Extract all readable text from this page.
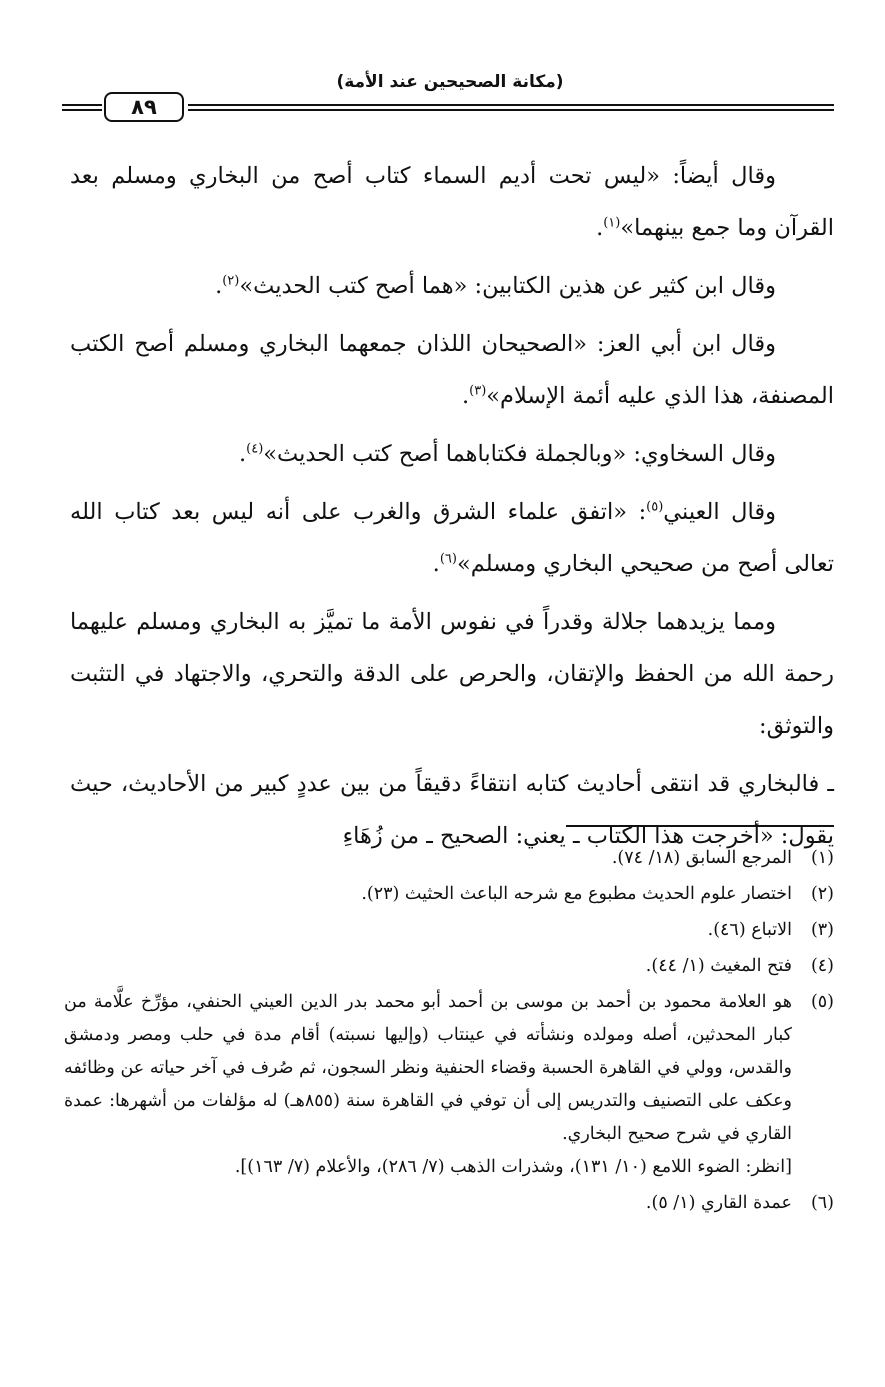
(مكانة الصحيحين عند الأمة)
٨٩

وقال أيضاً: «ليس تحت أديم السماء كتاب أصح من البخاري ومسلم بعد القرآن وما جمع بينهما»$^{(١)}$.

وقال ابن كثير عن هذين الكتابين: «هما أصح كتب الحديث»$^{(٢)}$.

وقال ابن أبي العز: «الصحيحان اللذان جمعهما البخاري ومسلم أصح الكتب المصنفة، هذا الذي عليه أئمة الإسلام»$^{(٣)}$.

وقال السخاوي: «وبالجملة فكتاباهما أصح كتب الحديث»$^{(٤)}$.

وقال العيني$^{(٥)}$: «اتفق علماء الشرق والغرب على أنه ليس بعد كتاب الله تعالى أصح من صحيحي البخاري ومسلم»$^{(٦)}$.

ومما يزيدهما جلالة وقدراً في نفوس الأمة ما تميَّز به البخاري ومسلم عليهما رحمة الله من الحفظ والإتقان، والحرص على الدقة والتحري، والاجتهاد في التثبت والتوثق:

ـ فالبخاري قد انتقى أحاديث كتابه انتقاءً دقيقاً من بين عددٍ كبير من الأحاديث، حيث يقول: «أخرجت هذا الكتاب ـ يعني: الصحيح ـ من زُهَاءِ

(١)
المرجع السابق (١٨/ ٧٤).
(٢)
اختصار علوم الحديث مطبوع مع شرحه الباعث الحثيث (٢٣).
(٣)
الاتباع (٤٦).
(٤)
فتح المغيث (١/ ٤٤).
(٥)
هو العلامة محمود بن أحمد بن موسى بن أحمد أبو محمد بدر الدين العيني الحنفي، مؤرِّخ علَّامة من كبار المحدثين، أصله ومولده ونشأته في عينتاب (وإليها نسبته) أقام مدة في حلب ومصر ودمشق والقدس، وولي في القاهرة الحسبة وقضاء الحنفية ونظر السجون، ثم صُرف في آخر حياته عن وظائفه وعكف على التصنيف والتدريس إلى أن توفي في القاهرة سنة (٨٥٥هـ) له مؤلفات من أشهرها: عمدة القاري في شرح صحيح البخاري.
[انظر: الضوء اللامع (١٠/ ١٣١)، وشذرات الذهب (٧/ ٢٨٦)، والأعلام (٧/ ١٦٣)].
(٦)
عمدة القاري (١/ ٥).
